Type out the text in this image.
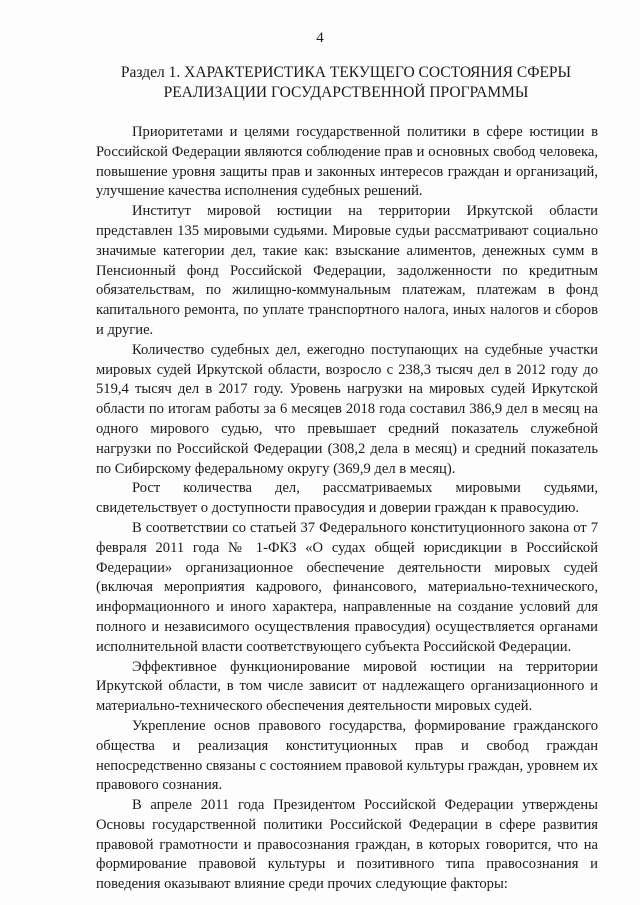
4
Раздел 1. ХАРАКТЕРИСТИКА ТЕКУЩЕГО СОСТОЯНИЯ СФЕРЫ
РЕАЛИЗАЦИИ ГОСУДАРСТВЕННОЙ ПРОГРАММЫ

Приоритетами и целями государственной политики в сфере юстиции в Российской Федерации являются соблюдение прав и основных свобод человека, повышение уровня защиты прав и законных интересов граждан и организаций, улучшение качества исполнения судебных решений.

Институт мировой юстиции на территории Иркутской области представлен 135 мировыми судьями. Мировые судьи рассматривают социально значимые категории дел, такие как: взыскание алиментов, денежных сумм в Пенсионный фонд Российской Федерации, задолженности по кредитным обязательствам, по жилищно-коммунальным платежам, платежам в фонд капитального ремонта, по уплате транспортного налога, иных налогов и сборов и другие.

Количество судебных дел, ежегодно поступающих на судебные участки мировых судей Иркутской области, возросло с 238,3 тысяч дел в 2012 году до 519,4 тысяч дел в 2017 году. Уровень нагрузки на мировых судей Иркутской области по итогам работы за 6 месяцев 2018 года составил 386,9 дел в месяц на одного мирового судью, что превышает средний показатель служебной нагрузки по Российской Федерации (308,2 дела в месяц) и средний показатель по Сибирскому федеральному округу (369,9 дел в месяц).

Рост количества дел, рассматриваемых мировыми судьями, свидетельствует о доступности правосудия и доверии граждан к правосудию.

В соответствии со статьей 37 Федерального конституционного закона от 7 февраля 2011 года № 1-ФКЗ «О судах общей юрисдикции в Российской Федерации» организационное обеспечение деятельности мировых судей (включая мероприятия кадрового, финансового, материально-технического, информационного и иного характера, направленные на создание условий для полного и независимого осуществления правосудия) осуществляется органами исполнительной власти соответствующего субъекта Российской Федерации.

Эффективное функционирование мировой юстиции на территории Иркутской области, в том числе зависит от надлежащего организационного и материально-технического обеспечения деятельности мировых судей.

Укрепление основ правового государства, формирование гражданского общества и реализация конституционных прав и свобод граждан непосредственно связаны с состоянием правовой культуры граждан, уровнем их правового сознания.

В апреле 2011 года Президентом Российской Федерации утверждены Основы государственной политики Российской Федерации в сфере развития правовой грамотности и правосознания граждан, в которых говорится, что на формирование правовой культуры и позитивного типа правосознания и поведения оказывают влияние среди прочих следующие факторы:
